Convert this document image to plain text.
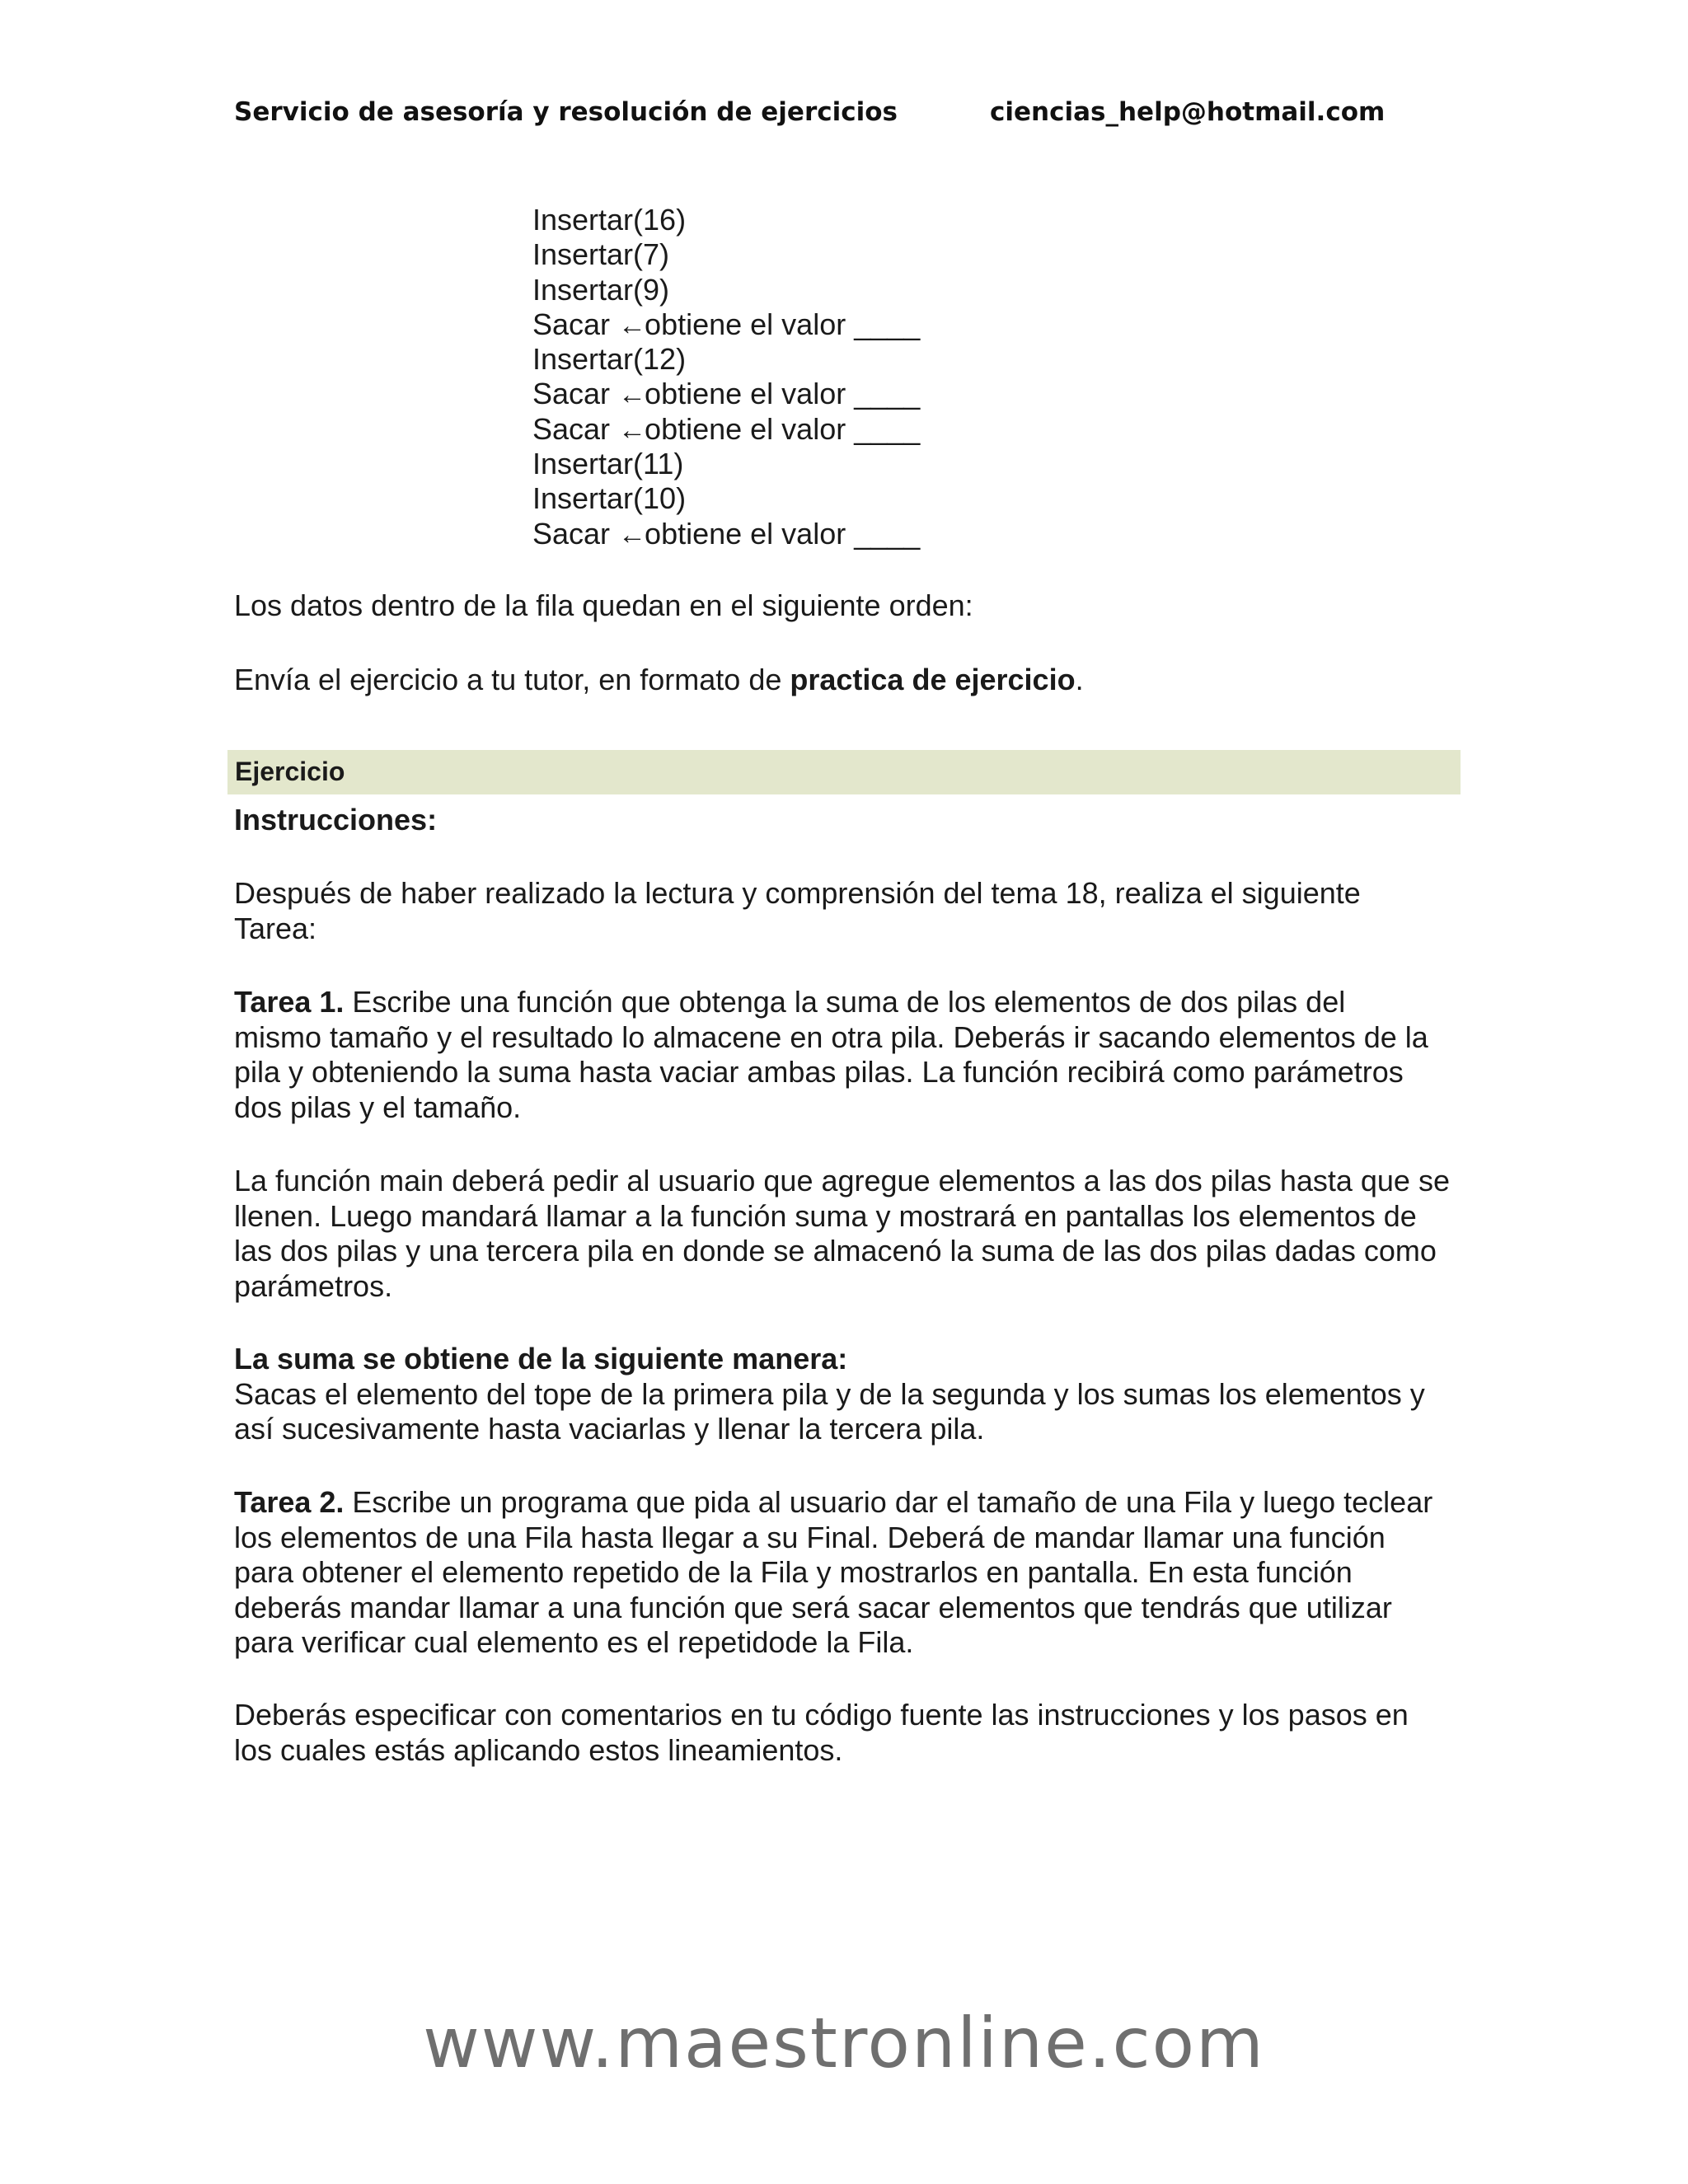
Servicio de asesoría y resolución de ejercicios	ciencias_help@hotmail.com
Insertar(16)
Insertar(7)
Insertar(9)
Sacar ←obtiene el valor ____
Insertar(12)
Sacar ←obtiene el valor ____
Sacar ←obtiene el valor ____
Insertar(11)
Insertar(10)
Sacar ←obtiene el valor ____
Los datos dentro de la fila quedan en el siguiente orden:
Envía el ejercicio a tu tutor, en formato de practica de ejercicio.
Ejercicio
Instrucciones:
Después de haber realizado la lectura y comprensión del tema 18, realiza el siguiente Tarea:
Tarea 1. Escribe una función que obtenga la suma de los elementos de dos pilas del mismo tamaño y el resultado lo almacene en otra pila. Deberás ir sacando elementos de la pila y obteniendo la suma hasta vaciar ambas pilas. La función recibirá como parámetros dos pilas y el tamaño.
La función main deberá pedir al usuario que agregue elementos a las dos pilas hasta que se llenen. Luego mandará llamar a la función suma y mostrará en pantallas los elementos de las dos pilas y una tercera pila en donde se almacenó la suma de las dos pilas dadas como parámetros.
La suma se obtiene de la siguiente manera:
Sacas el elemento del tope de la primera pila y de la segunda y los sumas los elementos y así sucesivamente hasta vaciarlas y llenar la tercera pila.
Tarea 2. Escribe un programa que pida al usuario dar el tamaño de una Fila y luego teclear los elementos de una Fila hasta llegar a su Final. Deberá de mandar llamar una función para obtener el elemento repetido de la Fila y mostrarlos en pantalla. En esta función deberás mandar llamar a una función que será sacar elementos que tendrás que utilizar para verificar cual elemento es el repetidode la Fila.
Deberás especificar con comentarios en tu código fuente las instrucciones y los pasos en los cuales estás aplicando estos lineamientos.
www.maestronline.com
